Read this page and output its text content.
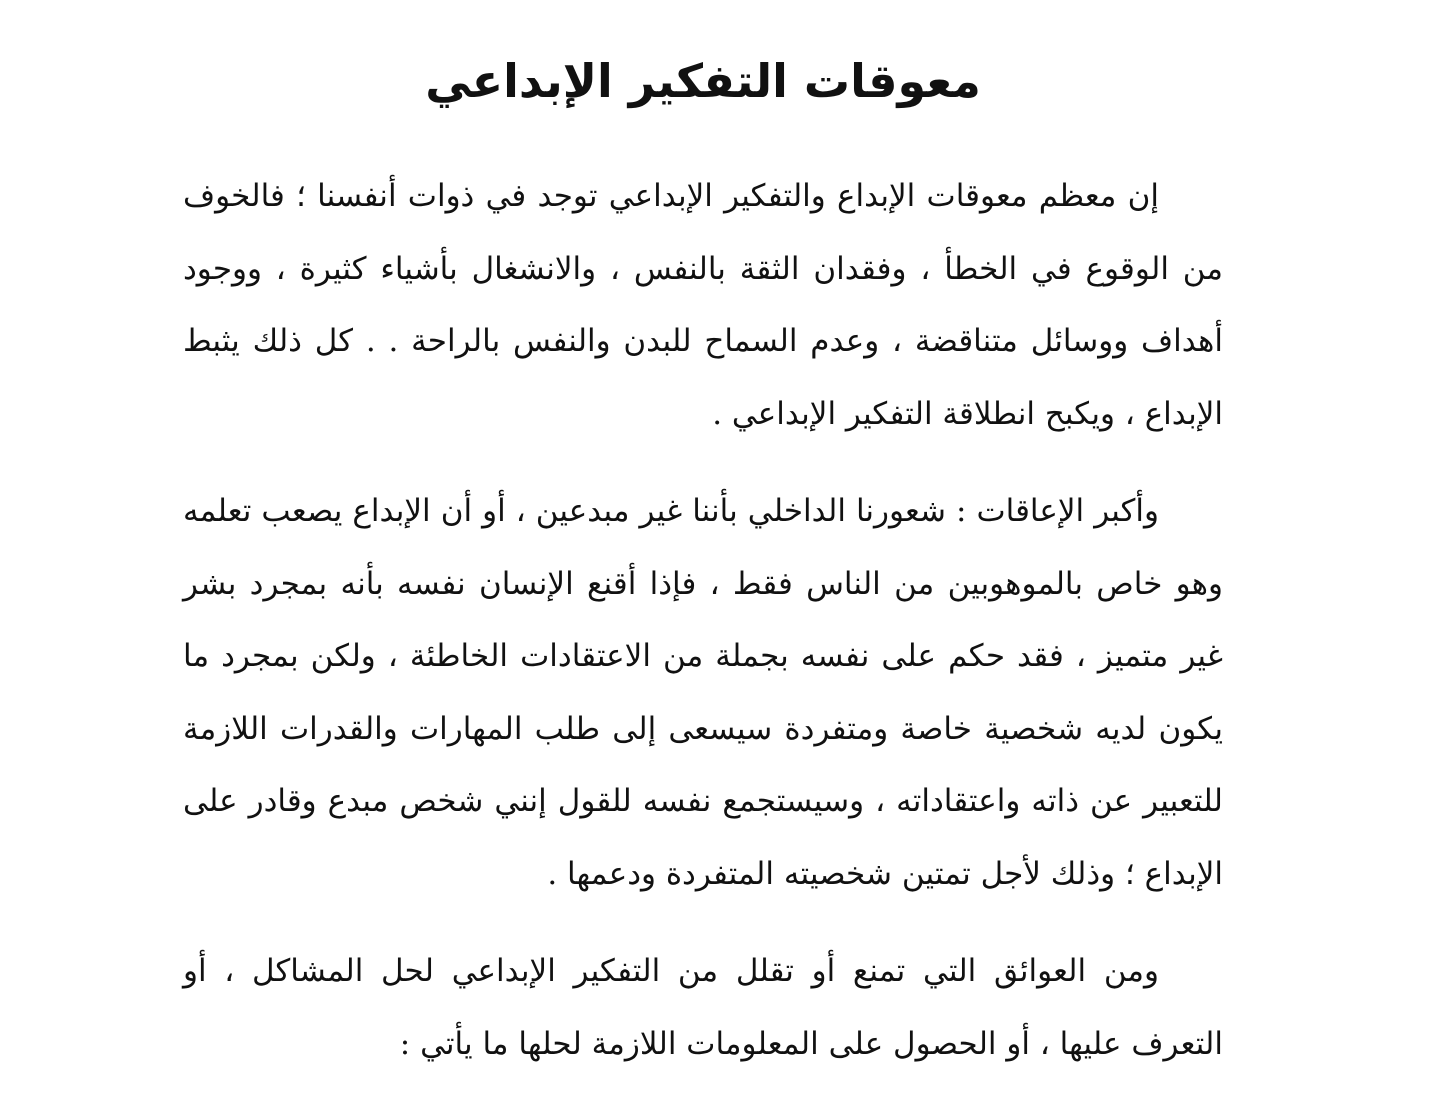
معوقات التفكير الإبداعي

إن معظم معوقات الإبداع والتفكير الإبداعي توجد في ذوات أنفسنا ؛ فالخوف من الوقوع في الخطأ ، وفقدان الثقة بالنفس ، والانشغال بأشياء كثيرة ، ووجود أهداف ووسائل متناقضة ، وعدم السماح للبدن والنفس بالراحة . . كل ذلك يثبط الإبداع ، ويكبح انطلاقة التفكير الإبداعي .

وأكبر الإعاقات : شعورنا الداخلي بأننا غير مبدعين ، أو أن الإبداع يصعب تعلمه وهو خاص بالموهوبين من الناس فقط ، فإذا أقنع الإنسان نفسه بأنه بمجرد بشر غير متميز ، فقد حكم على نفسه بجملة من الاعتقادات الخاطئة ، ولكن بمجرد ما يكون لديه شخصية خاصة ومتفردة سيسعى إلى طلب المهارات والقدرات اللازمة للتعبير عن ذاته واعتقاداته ، وسيستجمع نفسه للقول إنني شخص مبدع وقادر على الإبداع ؛ وذلك لأجل تمتين شخصيته المتفردة ودعمها .

ومن العوائق التي تمنع أو تقلل من التفكير الإبداعي لحل المشاكل ، أو التعرف عليها ، أو الحصول على المعلومات اللازمة لحلها ما يأتي :
